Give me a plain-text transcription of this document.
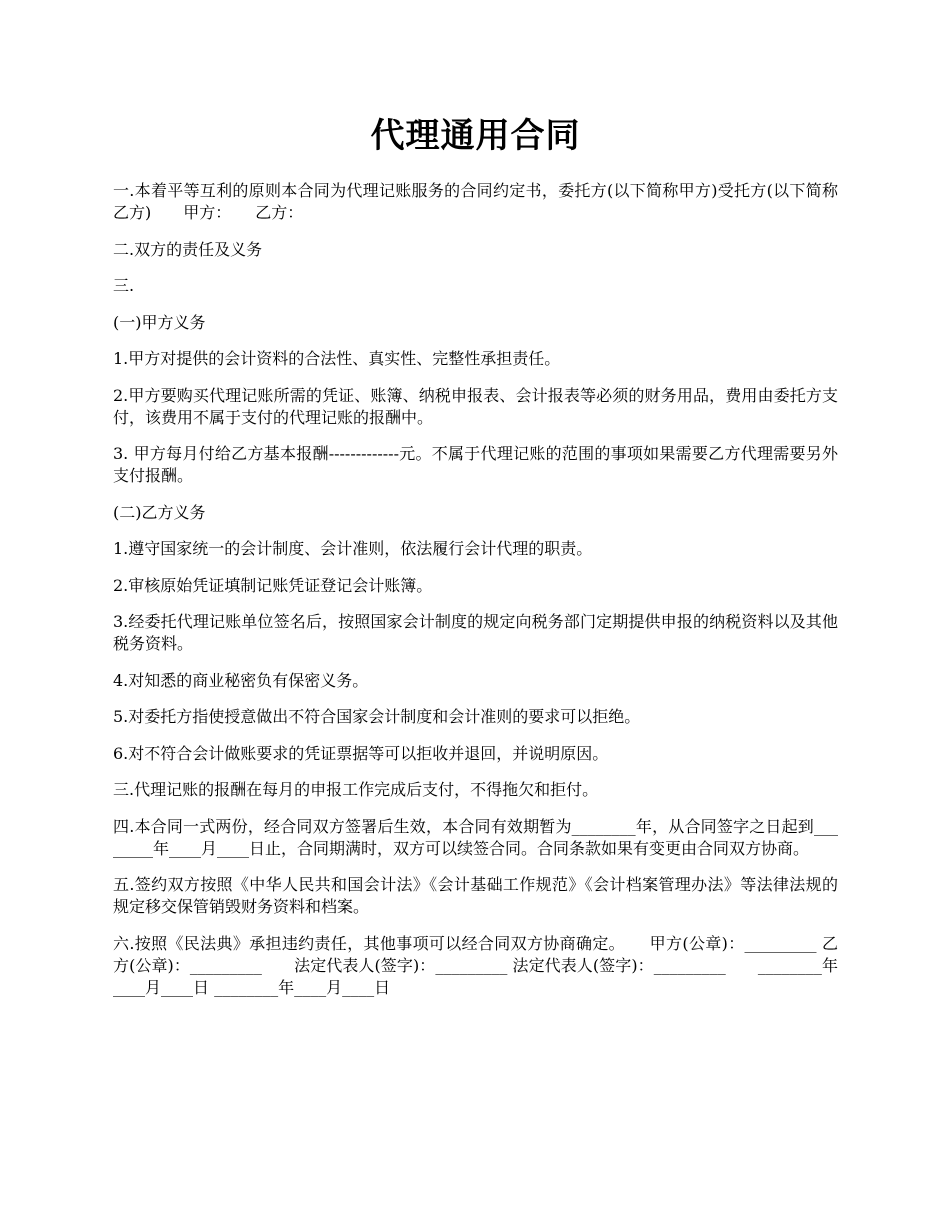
代理通用合同

一.本着平等互利的原则本合同为代理记账服务的合同约定书，委托方(以下简称甲方)受托方(以下简称乙方)　　甲方：　　乙方：

二.双方的责任及义务

三.

(一)甲方义务

1.甲方对提供的会计资料的合法性、真实性、完整性承担责任。

2.甲方要购买代理记账所需的凭证、账簿、纳税申报表、会计报表等必须的财务用品，费用由委托方支付，该费用不属于支付的代理记账的报酬中。

3. 甲方每月付给乙方基本报酬-------------元。不属于代理记账的范围的事项如果需要乙方代理需要另外支付报酬。

(二)乙方义务

1.遵守国家统一的会计制度、会计准则，依法履行会计代理的职责。

2.审核原始凭证填制记账凭证登记会计账簿。

3.经委托代理记账单位签名后，按照国家会计制度的规定向税务部门定期提供申报的纳税资料以及其他税务资料。

4.对知悉的商业秘密负有保密义务。

5.对委托方指使授意做出不符合国家会计制度和会计准则的要求可以拒绝。

6.对不符合会计做账要求的凭证票据等可以拒收并退回，并说明原因。

三.代理记账的报酬在每月的申报工作完成后支付，不得拖欠和拒付。

四.本合同一式两份，经合同双方签署后生效，本合同有效期暂为________年，从合同签字之日起到________年____月____日止，合同期满时，双方可以续签合同。合同条款如果有变更由合同双方协商。

五.签约双方按照《中华人民共和国会计法》《会计基础工作规范》《会计档案管理办法》等法律法规的规定移交保管销毁财务资料和档案。

六.按照《民法典》承担违约责任，其他事项可以经合同双方协商确定。　　甲方(公章)：_________ 乙方(公章)：_________　　法定代表人(签字)：_________ 法定代表人(签字)：_________　　________年____月____日 ________年____月____日
